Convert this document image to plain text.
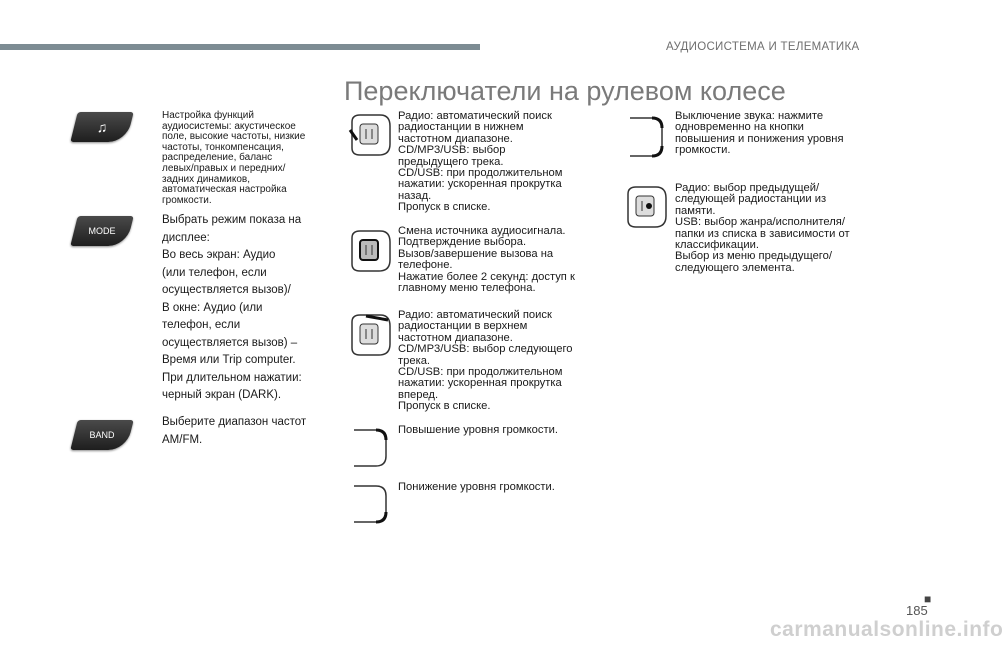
АУДИОСИСТЕМА И ТЕЛЕМАТИКА
Переключатели на рулевом колесе
♫
Настройка функций
аудиосистемы: акустическое
поле, высокие частоты, низкие
частоты, тонкомпенсация,
распределение, баланс
левых/правых и передних/
задних динамиков,
автоматическая настройка
громкости.
MODE
Выбрать режим показа на
дисплее:
Во весь экран: Аудио
(или телефон, если
осуществляется вызов)/
В окне: Аудио (или
телефон, если
осуществляется вызов) –
Время или Trip computer.
При длительном нажатии:
черный экран (DARK).
BAND
Выберите диапазон частот
AM/FM.
Радио: автоматический поиск
радиостанции в нижнем
частотном диапазоне.
CD/MP3/USB: выбор
предыдущего трека.
CD/USB: при продолжительном
нажатии: ускоренная прокрутка
назад.
Пропуск в списке.
Смена источника аудиосигнала.
Подтверждение выбора.
Вызов/завершение вызова на
телефоне.
Нажатие более 2 секунд: доступ к
главному меню телефона.
Радио: автоматический поиск
радиостанции в верхнем
частотном диапазоне.
CD/MP3/USB: выбор следующего
трека.
CD/USB: при продолжительном
нажатии: ускоренная прокрутка
вперед.
Пропуск в списке.
Повышение уровня громкости.
Понижение уровня громкости.
Выключение звука: нажмите
одновременно на кнопки
повышения и понижения уровня
громкости.
Радио: выбор предыдущей/
следующей радиостанции из
памяти.
USB: выбор жанра/исполнителя/
папки из списка в зависимости от
классификации.
Выбор из меню предыдущего/
следующего элемента.
■
185
carmanualsonline.info
